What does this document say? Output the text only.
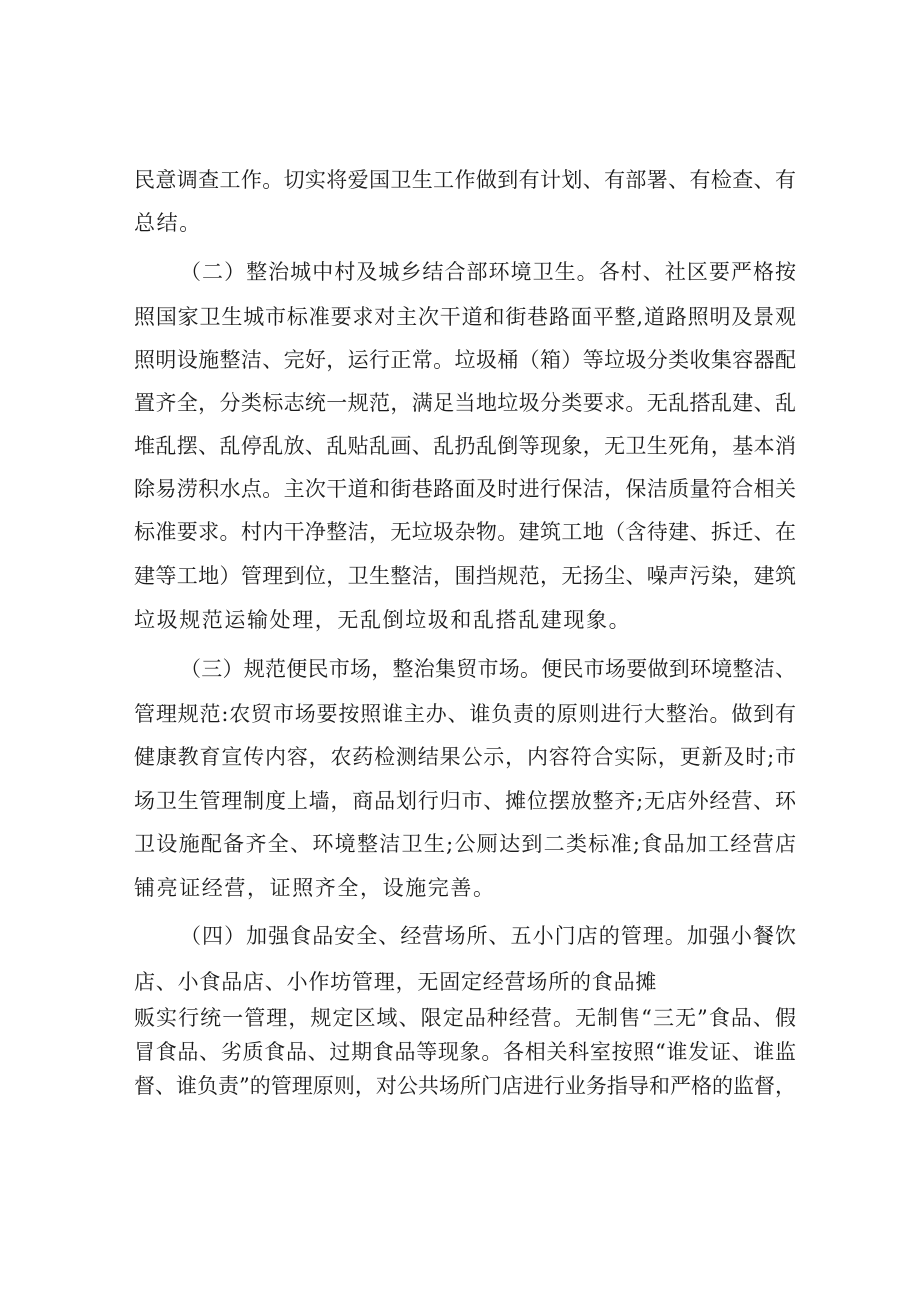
民意调查工作。切实将爱国卫生工作做到有计划、有部署、有检查、有

总结。

（二）整治城中村及城乡结合部环境卫生。各村、社区要严格按

照国家卫生城市标准要求对主次干道和街巷路面平整,道路照明及景观

照明设施整洁、完好，运行正常。垃圾桶（箱）等垃圾分类收集容器配

置齐全，分类标志统一规范，满足当地垃圾分类要求。无乱搭乱建、乱

堆乱摆、乱停乱放、乱贴乱画、乱扔乱倒等现象，无卫生死角，基本消

除易涝积水点。主次干道和街巷路面及时进行保洁，保洁质量符合相关

标准要求。村内干净整洁，无垃圾杂物。建筑工地（含待建、拆迁、在

建等工地）管理到位，卫生整洁，围挡规范，无扬尘、噪声污染，建筑

垃圾规范运输处理，无乱倒垃圾和乱搭乱建现象。

（三）规范便民市场，整治集贸市场。便民市场要做到环境整洁、

管理规范:农贸市场要按照谁主办、谁负责的原则进行大整治。做到有

健康教育宣传内容，农药检测结果公示，内容符合实际，更新及时;市

场卫生管理制度上墙，商品划行归市、摊位摆放整齐;无店外经营、环

卫设施配备齐全、环境整洁卫生;公厕达到二类标准;食品加工经营店

铺亮证经营，证照齐全，设施完善。

（四）加强食品安全、经营场所、五小门店的管理。加强小餐饮

店、小食品店、小作坊管理，无固定经营场所的食品摊

贩实行统一管理，规定区域、限定品种经营。无制售“三无”食品、假

冒食品、劣质食品、过期食品等现象。各相关科室按照“谁发证、谁监

督、谁负责”的管理原则，对公共场所门店进行业务指导和严格的监督，
